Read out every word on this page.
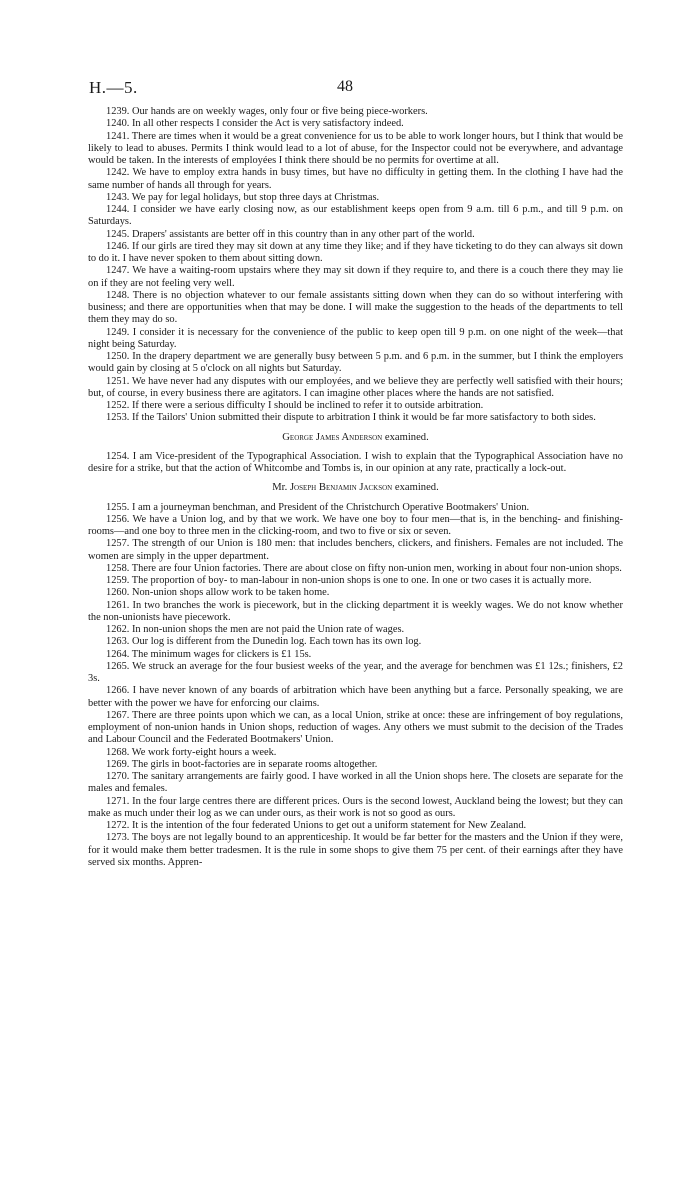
H.—5.	48

1239. Our hands are on weekly wages, only four or five being piece-workers.

1240. In all other respects I consider the Act is very satisfactory indeed.

1241. There are times when it would be a great convenience for us to be able to work longer hours, but I think that would be likely to lead to abuses. Permits I think would lead to a lot of abuse, for the Inspector could not be everywhere, and advantage would be taken. In the interests of employées I think there should be no permits for overtime at all.

1242. We have to employ extra hands in busy times, but have no difficulty in getting them. In the clothing I have had the same number of hands all through for years.

1243. We pay for legal holidays, but stop three days at Christmas.

1244. I consider we have early closing now, as our establishment keeps open from 9 a.m. till 6 p.m., and till 9 p.m. on Saturdays.

1245. Drapers' assistants are better off in this country than in any other part of the world.

1246. If our girls are tired they may sit down at any time they like; and if they have ticketing to do they can always sit down to do it. I have never spoken to them about sitting down.

1247. We have a waiting-room upstairs where they may sit down if they require to, and there is a couch there they may lie on if they are not feeling very well.

1248. There is no objection whatever to our female assistants sitting down when they can do so without interfering with business; and there are opportunities when that may be done. I will make the suggestion to the heads of the departments to tell them they may do so.

1249. I consider it is necessary for the convenience of the public to keep open till 9 p.m. on one night of the week—that night being Saturday.

1250. In the drapery department we are generally busy between 5 p.m. and 6 p.m. in the summer, but I think the employers would gain by closing at 5 o'clock on all nights but Saturday.

1251. We have never had any disputes with our employées, and we believe they are perfectly well satisfied with their hours; but, of course, in every business there are agitators. I can imagine other places where the hands are not satisfied.

1252. If there were a serious difficulty I should be inclined to refer it to outside arbitration.

1253. If the Tailors' Union submitted their dispute to arbitration I think it would be far more satisfactory to both sides.

George James Anderson examined.

1254. I am Vice-president of the Typographical Association. I wish to explain that the Typographical Association have no desire for a strike, but that the action of Whitcombe and Tombs is, in our opinion at any rate, practically a lock-out.

Mr. Joseph Benjamin Jackson examined.

1255. I am a journeyman benchman, and President of the Christchurch Operative Bootmakers' Union.

1256. We have a Union log, and by that we work. We have one boy to four men—that is, in the benching- and finishing-rooms—and one boy to three men in the clicking-room, and two to five or six or seven.

1257. The strength of our Union is 180 men: that includes benchers, clickers, and finishers. Females are not included. The women are simply in the upper department.

1258. There are four Union factories. There are about close on fifty non-union men, working in about four non-union shops.

1259. The proportion of boy- to man-labour in non-union shops is one to one. In one or two cases it is actually more.

1260. Non-union shops allow work to be taken home.

1261. In two branches the work is piecework, but in the clicking department it is weekly wages. We do not know whether the non-unionists have piecework.

1262. In non-union shops the men are not paid the Union rate of wages.

1263. Our log is different from the Dunedin log. Each town has its own log.

1264. The minimum wages for clickers is £1 15s.

1265. We struck an average for the four busiest weeks of the year, and the average for benchmen was £1 12s.; finishers, £2 3s.

1266. I have never known of any boards of arbitration which have been anything but a farce. Personally speaking, we are better with the power we have for enforcing our claims.

1267. There are three points upon which we can, as a local Union, strike at once: these are infringement of boy regulations, employment of non-union hands in Union shops, reduction of wages. Any others we must submit to the decision of the Trades and Labour Council and the Federated Bootmakers' Union.

1268. We work forty-eight hours a week.

1269. The girls in boot-factories are in separate rooms altogether.

1270. The sanitary arrangements are fairly good. I have worked in all the Union shops here. The closets are separate for the males and females.

1271. In the four large centres there are different prices. Ours is the second lowest, Auckland being the lowest; but they can make as much under their log as we can under ours, as their work is not so good as ours.

1272. It is the intention of the four federated Unions to get out a uniform statement for New Zealand.

1273. The boys are not legally bound to an apprenticeship. It would be far better for the masters and the Union if they were, for it would make them better tradesmen. It is the rule in some shops to give them 75 per cent. of their earnings after they have served six months. Appren-
